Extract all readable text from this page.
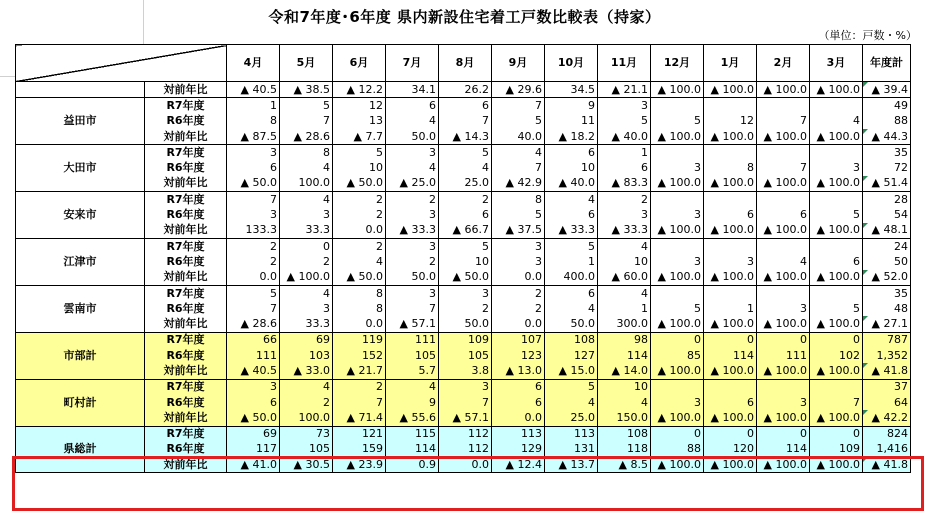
令和7年度･6年度 県内新設住宅着工戸数比較表（持家）
（単位：戸数・%）
		4月	5月	6月	7月	8月	9月	10月	11月	12月	1月	2月	3月	年度計
	対前年比	▲ 40.5	▲ 38.5	▲ 12.2	34.1	26.2	▲ 29.6	34.5	▲ 21.1	▲ 100.0	▲ 100.0	▲ 100.0	▲ 100.0	▲ 39.4
益田市	R7年度	1	5	12	6	6	7	9	3					49
	R6年度	8	7	13	4	7	5	11	5	5	12	7	4	88
	対前年比	▲ 87.5	▲ 28.6	▲ 7.7	50.0	▲ 14.3	40.0	▲ 18.2	▲ 40.0	▲ 100.0	▲ 100.0	▲ 100.0	▲ 100.0	▲ 44.3
大田市	R7年度	3	8	5	3	5	4	6	1					35
	R6年度	6	4	10	4	4	7	10	6	3	8	7	3	72
	対前年比	▲ 50.0	100.0	▲ 50.0	▲ 25.0	25.0	▲ 42.9	▲ 40.0	▲ 83.3	▲ 100.0	▲ 100.0	▲ 100.0	▲ 100.0	▲ 51.4
安来市	R7年度	7	4	2	2	2	8	4	2					28
	R6年度	3	3	2	3	6	5	6	3	3	6	6	5	54
	対前年比	133.3	33.3	0.0	▲ 33.3	▲ 66.7	▲ 37.5	▲ 33.3	▲ 33.3	▲ 100.0	▲ 100.0	▲ 100.0	▲ 100.0	▲ 48.1
江津市	R7年度	2	0	2	3	5	3	5	4					24
	R6年度	2	2	4	2	10	3	1	10	3	3	4	6	50
	対前年比	0.0	▲ 100.0	▲ 50.0	50.0	▲ 50.0	0.0	400.0	▲ 60.0	▲ 100.0	▲ 100.0	▲ 100.0	▲ 100.0	▲ 52.0
雲南市	R7年度	5	4	8	3	3	2	6	4					35
	R6年度	7	3	8	7	2	2	4	1	5	1	3	5	48
	対前年比	▲ 28.6	33.3	0.0	▲ 57.1	50.0	0.0	50.0	300.0	▲ 100.0	▲ 100.0	▲ 100.0	▲ 100.0	▲ 27.1
市部計	R7年度	66	69	119	111	109	107	108	98	0	0	0	0	787
	R6年度	111	103	152	105	105	123	127	114	85	114	111	102	1,352
	対前年比	▲ 40.5	▲ 33.0	▲ 21.7	5.7	3.8	▲ 13.0	▲ 15.0	▲ 14.0	▲ 100.0	▲ 100.0	▲ 100.0	▲ 100.0	▲ 41.8
町村計	R7年度	3	4	2	4	3	6	5	10					37
	R6年度	6	2	7	9	7	6	4	4	3	6	3	7	64
	対前年比	▲ 50.0	100.0	▲ 71.4	▲ 55.6	▲ 57.1	0.0	25.0	150.0	▲ 100.0	▲ 100.0	▲ 100.0	▲ 100.0	▲ 42.2
県総計	R7年度	69	73	121	115	112	113	113	108	0	0	0	0	824
	R6年度	117	105	159	114	112	129	131	118	88	120	114	109	1,416
	対前年比	▲ 41.0	▲ 30.5	▲ 23.9	0.9	0.0	▲ 12.4	▲ 13.7	▲ 8.5	▲ 100.0	▲ 100.0	▲ 100.0	▲ 100.0	▲ 41.8
